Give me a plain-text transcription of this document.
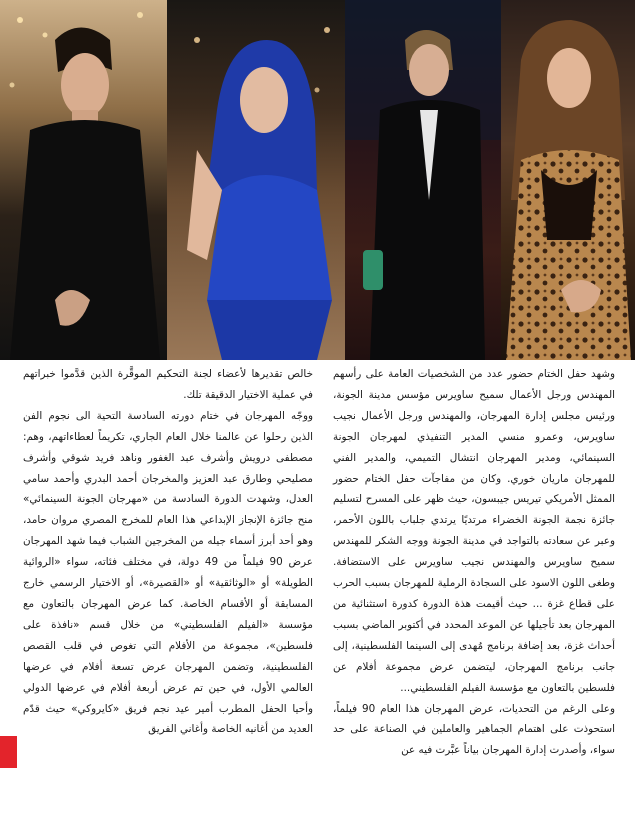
وشهد حفل الختام حضور عدد من الشخصيات العامة على رأسهم المهندس ورجل الأعمال سميح ساويرس مؤسس مدينة الجونة، ورئيس مجلس إدارة المهرجان، والمهندس ورجل الأعمال نجيب ساويرس، وعمرو منسي المدير التنفيذي لمهرجان الجونة السينمائي، ومدير المهرجان انتشال التميمي، والمدير الفني للمهرجان ماريان خوري. وكان من مفاجآت حفل الختام حضور الممثل الأمريكي تيريس جيبسون، حيث ظهر على المسرح لتسليم جائزة نجمة الجونة الخضراء مرتديًا يرتدي جلباب باللون الأحمر، وعبر عن سعادته بالتواجد في مدينة الجونة ووجه الشكر للمهندس سميح ساويرس والمهندس نجيب ساويرس على الاستضافة. وطغى اللون الاسود على السجادة الرملية للمهرجان بسبب الحرب على قطاع غزة ... حيث أقيمت هذة الدورة كدورة استثنائية من المهرجان بعد تأجيلها عن الموعد المحدد في أكتوبر الماضي بسبب أحداث غزة، بعد إضافة برنامج مُهدى إلى السينما الفلسطينية، إلى جانب برنامج المهرجان، ليتضمن عرض مجموعة أفلام عن فلسطين بالتعاون مع مؤسسة الفيلم الفلسطيني...

وعلى الرغم من التحديات، عرض المهرجان هذا العام 90 فيلماً، استحوذت على اهتمام الجماهير والعاملين في الصناعة على حد سواء، وأصدرت إدارة المهرجان بياناً عبَّرت فيه عن

خالص تقديرها لأعضاء لجنة التحكيم الموقَّرة الذين قدَّموا خبراتهم في عملية الاختيار الدقيقة تلك.

ووجّه المهرجان في ختام دورته السادسة التحية الى نجوم الفن الذين رحلوا عن عالمنا خلال العام الجاري، تكريماً لعطاءاتهم، وهم: مصطفى درويش وأشرف عبد الغفور وناهد فريد شوقي وأشرف مصليحي وطارق عبد العزيز والمخرجان أحمد البدري وأحمد سامي العدل، وشهدت الدورة السادسة من «مهرجان الجونة السينمائي» منح جائزة الإنجاز الإبداعي هذا العام للمخرج المصري مروان حامد، وهو أحد أبرز أسماء جيله من المخرجين الشباب فيما شهد المهرجان عرض 90 فيلماً من 49 دولة، في مختلف فئاته، سواء «الروائية الطويلة» أو «الوثائقية» أو «القصيرة»، أو الاختيار الرسمي خارج المسابقة أو الأقسام الخاصة. كما عرض المهرجان بالتعاون مع مؤسسة «الفيلم الفلسطيني» من خلال قسم «نافذة على فلسطين»، مجموعة من الأفلام التي تغوص في قلب القصص الفلسطينية، وتضمن المهرجان عرض تسعة أفلام في عرضها العالمي الأول، في حين تم عرض أربعة أفلام في عرضها الدولي وأحيا الحفل المطرب أمير عيد نجم فريق «كايروكي» حيث قدّم العديد من أغانيه الخاصة وأغاني الفريق
